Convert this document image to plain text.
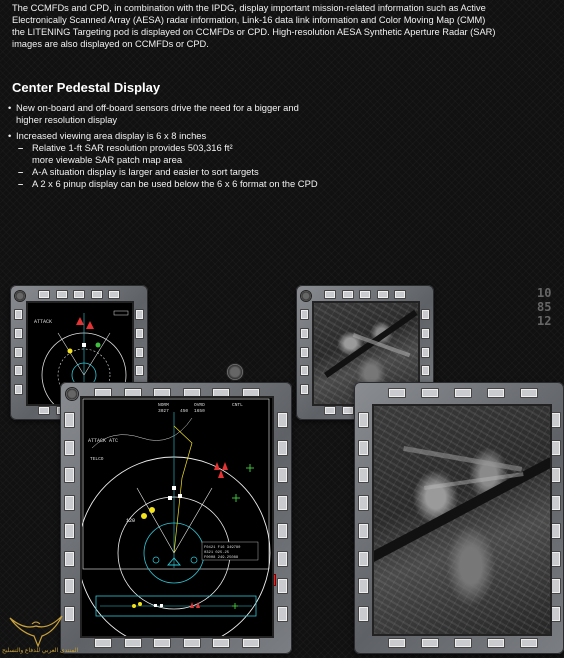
The CCMFDs and CPD, in combination with the IPDG, display important mission-related information such as Active
Electronically Scanned Array (AESA) radar information, Link-16 data link information and Color Moving Map (CMM)
the LITENING Targeting pod is displayed on CCMFDs or CPD. High-resolution AESA Synthetic Aperture Radar (SAR)
images are also displayed on CCMFDs or CPD.
Center Pedestal Display

• New on-board and off-board sensors drive the need for a bigger and
higher resolution display

• Increased viewing area display is 6 x 8 inches

– Relative 1-ft SAR resolution provides 503,316 ft²
more viewable SAR patch map area
– A-A situation display is larger and easier to sort targets
– A 2 x 6 pinup display can be used below the 6 x 6 format on the CPD
10
85
12
ATTACK
NORM	OVRD	CNTL
3027 450 1650
ATTACK ATC
TELCO
120
F0421 F16 349780
0321 025.25
F0008 249.25088
المنتدى العربي للدفاع والتسليح
